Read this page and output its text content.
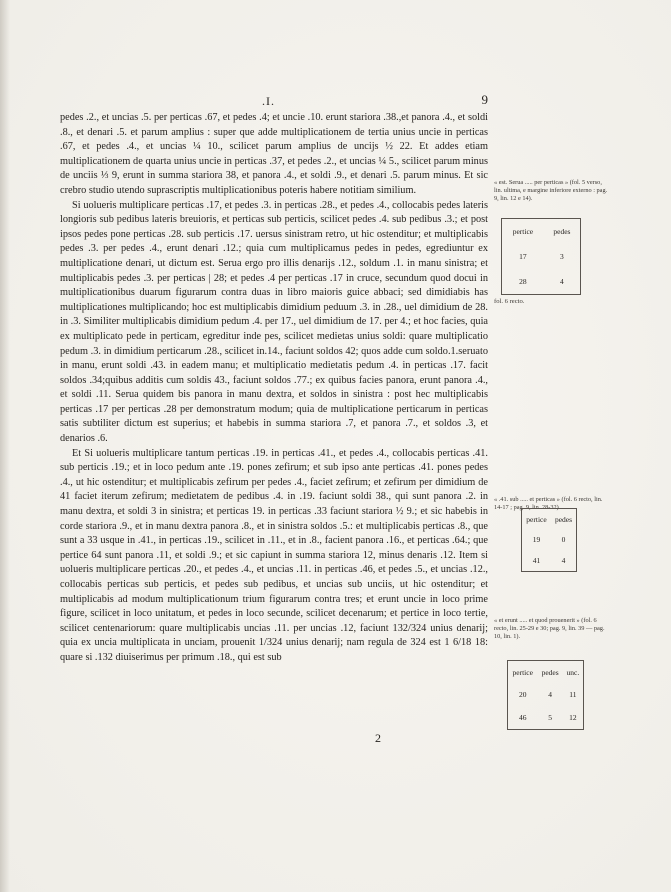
.I.	9

pedes .2., et uncias .5. per perticas .67, et pedes .4; et uncie .10. erunt stariora .38.,et panora .4., et soldi .8., et denari .5. et parum amplius : super que adde multiplicationem de tertia unius uncie in perticas .67, et pedes .4., et uncias ¼ 10., scilicet parum amplius de uncijs ½ 22. Et addes etiam multiplicationem de quarta unius uncie in perticas .37, et pedes .2., et uncias ¼ 5., scilicet parum minus de unciis ⅓ 9, erunt in summa stariora 38, et panora .4., et soldi .9., et denari .5. parum minus. Et sic crebro studio utendo suprascriptis multiplicationibus poteris habere notitiam similium.

Si uolueris multiplicare perticas .17, et pedes .3. in perticas .28., et pedes .4., collocabis pedes lateris longioris sub pedibus lateris breuioris, et perticas sub perticis, scilicet pedes .4. sub pedibus .3.; et post ipsos pedes pone perticas .28. sub perticis .17. uersus sinistram retro, ut hic ostenditur; et multiplicabis pedes .3. per pedes .4., erunt denari .12.; quia cum multiplicamus pedes in pedes, egrediuntur ex multiplicatione denari, ut dictum est. Serua ergo pro illis denarijs .12., soldum .1. in manu sinistra; et multiplicabis pedes .3. per perticas | 28; et pedes .4 per perticas .17 in cruce, secundum quod docui in multiplicationibus duarum figurarum contra duas in libro maioris guice abbaci; sed dimidiabis has multiplicationes multiplicando; hoc est multiplicabis dimidium peduum .3. in .28., uel dimidium de 28. in .3. Similiter multiplicabis dimidium pedum .4. per 17., uel dimidium de 17. per 4.; et hoc facies, quia ex multiplicato pede in perticam, egreditur inde pes, scilicet medietas unius soldi: quare multiplicatio pedum .3. in dimidium perticarum .28., scilicet in.14., faciunt soldos 42; quos adde cum soldo.1.seruato in manu, erunt soldi .43. in eadem manu; et multiplicatio medietatis pedum .4. in perticas .17. facit soldos .34;quibus additis cum soldis 43., faciunt soldos .77.; ex quibus facies panora, erunt panora .4., et soldi .11. Serua quidem bis panora in manu dextra, et soldos in sinistra : post hec multiplicabis perticas .17 per perticas .28 per demonstratum modum; quia de multiplicatione perticarum in perticas satis subtiliter dictum est superius; et habebis in summa stariora .7, et panora .7., et soldos .3, et denarios .6.

Et Si uolueris multiplicare tantum perticas .19. in perticas .41., et pedes .4., collocabis perticas .41. sub perticis .19.; et in loco pedum ante .19. pones zefirum; et sub ipso ante perticas .41. pones pedes .4., ut hic ostenditur; et multiplicabis zefirum per pedes .4., faciet zefirum; et zefirum per dimidium de 41 faciet iterum zefirum; medietatem de pedibus .4. in .19. faciunt soldi 38., qui sunt panora .2. in manu dextra, et soldi 3 in sinistra; et perticas 19. in perticas .33 faciunt stariora ½ 9.; et sic habebis in corde stariora .9., et in manu dextra panora .8., et in sinistra soldos .5.: et multiplicabis perticas .8., que sunt a 33 usque in .41., in perticas .19., scilicet in .11., et in .8., facient panora .16., et perticas .64.; que pertice 64 sunt panora .11, et soldi .9.; et sic capiunt in summa stariora 12, minus denaris .12. Item si uolueris multiplicare perticas .20., et pedes .4., et uncias .11. in perticas .46, et pedes .5., et uncias .12., collocabis perticas sub perticis, et pedes sub pedibus, et uncias sub unciis, ut hic ostenditur; et multiplicabis ad modum multiplicationum trium figurarum contra tres; et erunt uncie in loco prime figure, scilicet in loco unitatum, et pedes in loco secunde, scilicet decenarum; et pertice in loco tertie, scilicet centenariorum: quare multiplicabis uncias .11. per uncias .12, faciunt 132/324 unius denarij; quia ex uncia multiplicata in unciam, prouenit 1/324 unius denarij; nam regula de 324 est 1 6/18 18: quare si .132 diuiserimus per primum .18., qui est sub

2
« est. Serua ..... per perticas » (fol. 5 verso, lin. ultima, e margine inferiore externo : pag. 9, lin. 12 e 14).
pertice	pedes
17	3
28	4
fol. 6 recto.
« .41. sub ..... et perticas » (fol. 6 recto, lin. 14-17 ; pag. 9, lin. 28-32).
pertice	pedes
19	0
41	4
« et erunt ..... et quod prouenerit » (fol. 6 recto, lin. 25-29 e 30; pag. 9, lin. 39 — pag. 10, lin. 1).
pertice	pedes	unc.
20	4	11
46	5	12
